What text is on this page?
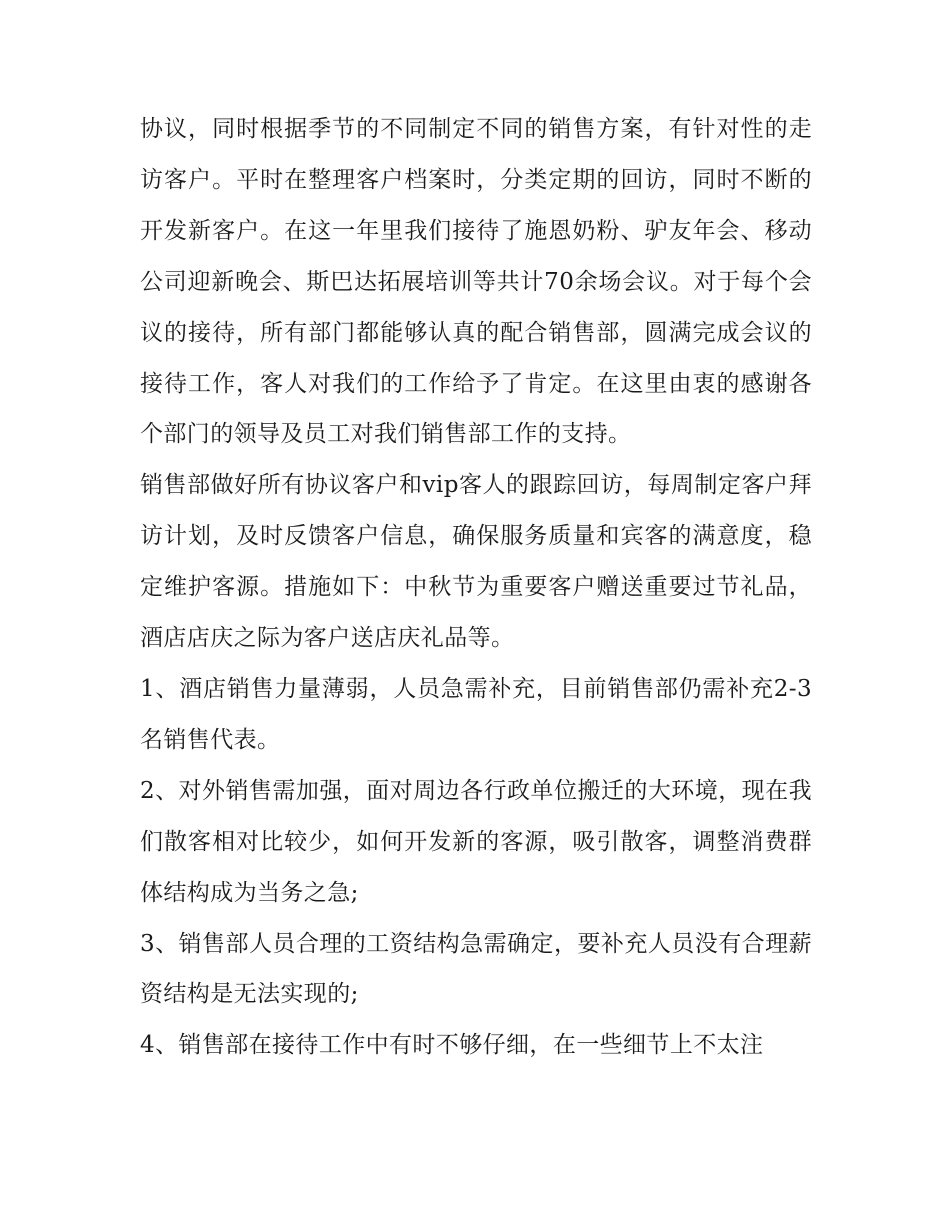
协议，同时根据季节的不同制定不同的销售方案，有针对性的走访客户。平时在整理客户档案时，分类定期的回访，同时不断的开发新客户。在这一年里我们接待了施恩奶粉、驴友年会、移动公司迎新晚会、斯巴达拓展培训等共计70余场会议。对于每个会议的接待，所有部门都能够认真的配合销售部，圆满完成会议的接待工作，客人对我们的工作给予了肯定。在这里由衷的感谢各个部门的领导及员工对我们销售部工作的支持。

销售部做好所有协议客户和vip客人的跟踪回访，每周制定客户拜访计划，及时反馈客户信息，确保服务质量和宾客的满意度，稳定维护客源。措施如下：中秋节为重要客户赠送重要过节礼品，酒店店庆之际为客户送店庆礼品等。

1、酒店销售力量薄弱，人员急需补充，目前销售部仍需补充2-3名销售代表。

2、对外销售需加强，面对周边各行政单位搬迁的大环境，现在我们散客相对比较少，如何开发新的客源，吸引散客，调整消费群体结构成为当务之急;

3、销售部人员合理的工资结构急需确定，要补充人员没有合理薪资结构是无法实现的;

4、销售部在接待工作中有时不够仔细，在一些细节上不太注
